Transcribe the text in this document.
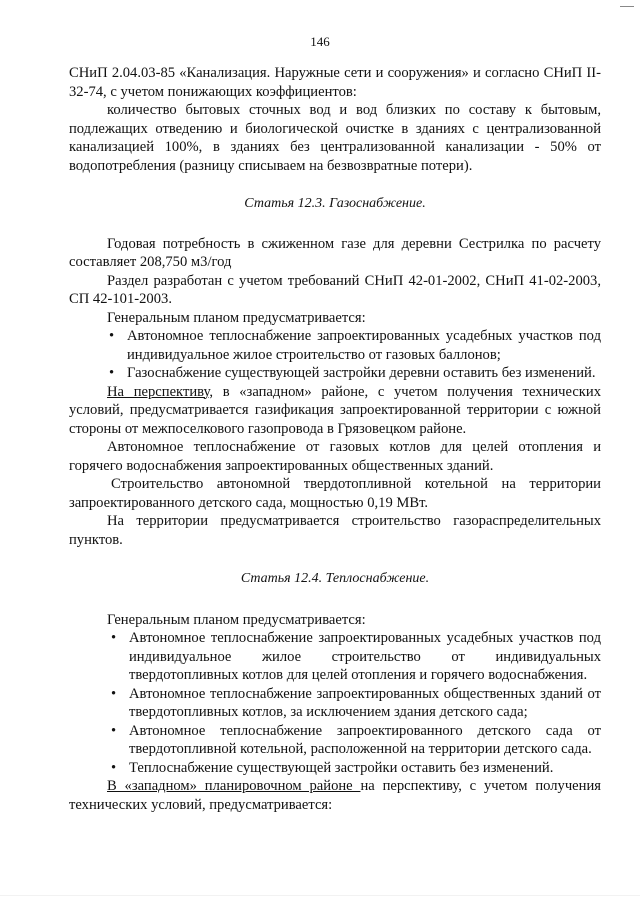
146

СНиП 2.04.03-85 «Канализация. Наружные сети и сооружения» и согласно СНиП II-32-74, с учетом понижающих коэффициентов:

количество бытовых сточных вод и вод близких по составу к бытовым, подлежащих отведению и биологической очистке в зданиях с централизованной канализацией 100%, в зданиях без централизованной канализации - 50% от водопотребления (разницу списываем на безвозвратные потери).

Статья 12.3. Газоснабжение.

Годовая потребность в сжиженном газе для деревни Сестрилка по расчету составляет 208,750 м3/год

Раздел разработан с учетом требований СНиП 42-01-2002, СНиП 41-02-2003, СП 42-101-2003.

Генеральным планом предусматривается:

• Автономное теплоснабжение запроектированных усадебных участков под индивидуальное жилое строительство от газовых баллонов;
• Газоснабжение существующей застройки деревни оставить без изменений.

На перспективу, в «западном» районе, с учетом получения технических условий, предусматривается газификация запроектированной территории с южной стороны от межпоселкового газопровода в Грязовецком районе.

Автономное теплоснабжение от газовых котлов для целей отопления и горячего водоснабжения запроектированных общественных зданий.

Строительство автономной твердотопливной котельной на территории запроектированного детского сада, мощностью 0,19 МВт.

На территории предусматривается строительство газораспределительных пунктов.

Статья 12.4. Теплоснабжение.

Генеральным планом предусматривается:

• Автономное теплоснабжение запроектированных усадебных участков под индивидуальное жилое строительство от индивидуальных твердотопливных котлов для целей отопления и горячего водоснабжения.
• Автономное теплоснабжение запроектированных общественных зданий от твердотопливных котлов, за исключением здания детского сада;
• Автономное теплоснабжение запроектированного детского сада от твердотопливной котельной, расположенной на территории детского сада.
• Теплоснабжение существующей застройки оставить без изменений.

В «западном» планировочном районе на перспективу, с учетом получения технических условий, предусматривается:
